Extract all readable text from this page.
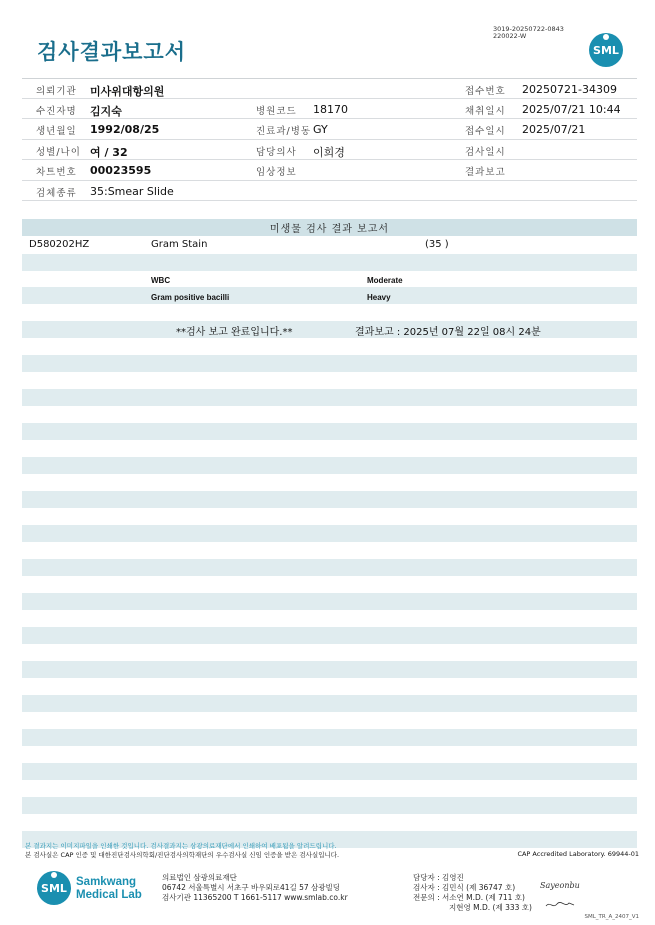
검사결과보고서
3019-20250722-0843
220022-W
SML
의뢰기관 미사위대항의원	접수번호 20250721-34309
수진자명 김지숙	병원코드 18170	채취일시 2025/07/21 10:44
생년월일 1992/08/25	진료과/병동 GY	접수일시 2025/07/21
성별/나이 여 / 32	담당의사 이희경	검사일시
차트번호 00023595	임상정보	결과보고
검체종류 35:Smear Slide
미생물 검사 결과 보고서
D580202HZ	Gram Stain	(35 )
WBC	Moderate
Gram positive bacilli	Heavy
**검사 보고 완료입니다.**	결과보고 : 2025년 07월 22일 08시 24분
본 결과지는 이미지파일을 인쇄한 것입니다. 검사결과지는 삼광의료재단에서 인쇄하여 배포됨을 알려드립니다.
본 검사실은 CAP 인증 및 대한진단검사의학회/진단검사의학재단의 우수검사실 신임 인증을 받은 검사실입니다.	CAP Accredited Laboratory. 69944-01
SML Samkwang
Medical Lab
의료법인 삼광의료재단
06742 서울특별시 서초구 바우뫼로41길 57 삼광빌딩
검사기관 11365200 T 1661-5117 www.smlab.co.kr
담당자 : 김영진
검사자 : 김민식 (제 36747 호)
전문의 : 서소연 M.D. (제 711 호)
지현영 M.D. (제 333 호)
Sayeonbu
SML_TR_A_2407_V1
